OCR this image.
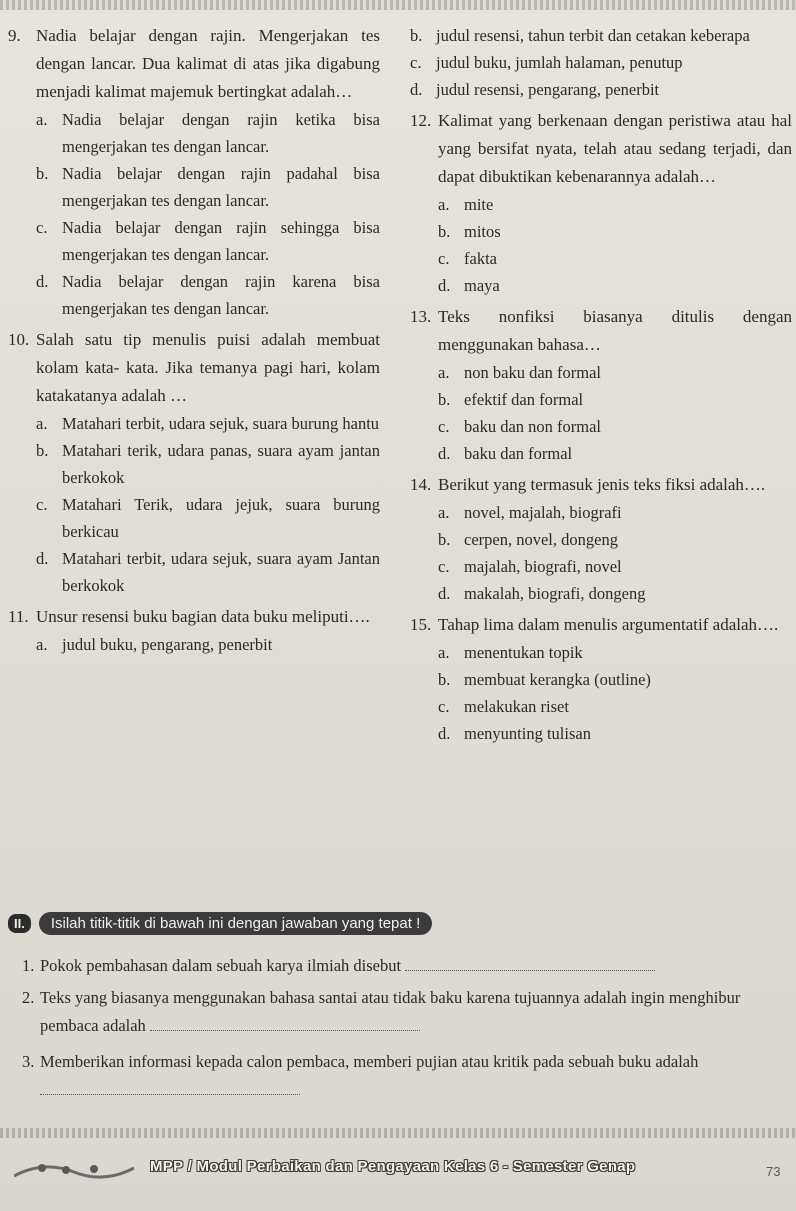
9. Nadia belajar dengan rajin. Mengerjakan tes dengan lancar. Dua kalimat di atas jika digabung menjadi kalimat majemuk bertingkat adalah…
a. Nadia belajar dengan rajin ketika bisa mengerjakan tes dengan lancar.
b. Nadia belajar dengan rajin padahal bisa mengerjakan tes dengan lancar.
c. Nadia belajar dengan rajin sehingga bisa mengerjakan tes dengan lancar.
d. Nadia belajar dengan rajin karena bisa mengerjakan tes dengan lancar.
10. Salah satu tip menulis puisi adalah membuat kolam kata- kata. Jika temanya pagi hari, kolam katakatanya adalah …
a. Matahari terbit, udara sejuk, suara burung hantu
b. Matahari terik, udara panas, suara ayam jantan berkokok
c. Matahari Terik, udara jejuk, suara burung berkicau
d. Matahari terbit, udara sejuk, suara ayam Jantan berkokok
11. Unsur resensi buku bagian data buku meliputi….
a. judul buku, pengarang, penerbit
b. judul resensi, tahun terbit dan cetakan keberapa
c. judul buku, jumlah halaman, penutup
d. judul resensi, pengarang, penerbit
12. Kalimat yang berkenaan dengan peristiwa atau hal yang bersifat nyata, telah atau sedang terjadi, dan dapat dibuktikan kebenarannya adalah…
a. mite
b. mitos
c. fakta
d. maya
13. Teks nonfiksi biasanya ditulis dengan menggunakan bahasa…
a. non baku dan formal
b. efektif dan formal
c. baku dan non formal
d. baku dan formal
14. Berikut yang termasuk jenis teks fiksi adalah….
a. novel, majalah, biografi
b. cerpen, novel, dongeng
c. majalah, biografi, novel
d. makalah, biografi, dongeng
15. Tahap lima dalam menulis argumentatif adalah….
a. menentukan topik
b. membuat kerangka (outline)
c. melakukan riset
d. menyunting tulisan
II.	Isilah titik-titik di bawah ini dengan jawaban yang tepat !
1. Pokok pembahasan dalam sebuah karya ilmiah disebut
2. Teks yang biasanya menggunakan bahasa santai atau tidak baku karena tujuannya adalah ingin menghibur pembaca adalah
3. Memberikan informasi kepada calon pembaca, memberi pujian atau kritik pada sebuah buku adalah
MPP / Modul Perbaikan dan Pengayaan Kelas 6 - Semester Genap	73
